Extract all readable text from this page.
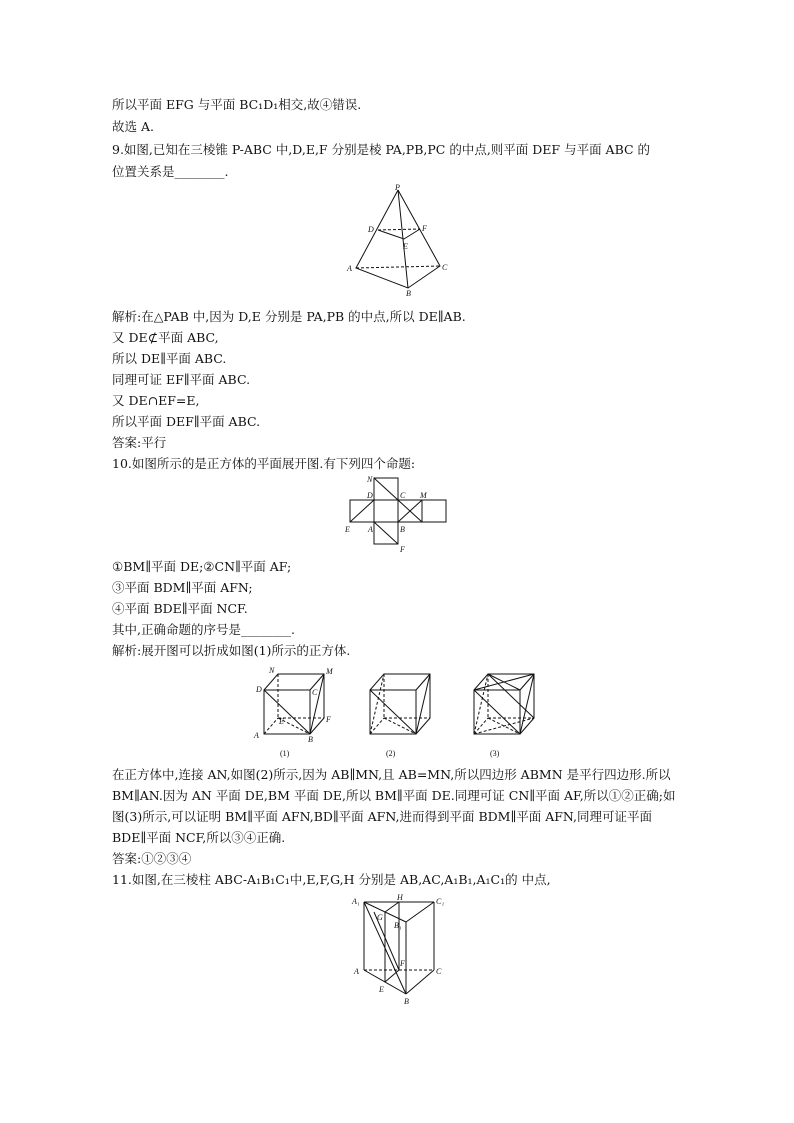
所以平面 EFG 与平面 BC₁D₁相交,故④错误.
故选 A.
9.如图,已知在三棱锥 P-ABC 中,D,E,F 分别是棱 PA,PB,PC 的中点,则平面 DEF 与平面 ABC 的
位置关系是________.
P
D	F
E
A	C
B
解析:在△PAB 中,因为 D,E 分别是 PA,PB 的中点,所以 DE∥AB.
又 DE⊄平面 ABC,
所以 DE∥平面 ABC.
同理可证 EF∥平面 ABC.
又 DE∩EF=E,
所以平面 DEF∥平面 ABC.
答案:平行
10.如图所示的是正方体的平面展开图.有下列四个命题:
N
D	C M
E A	B
F
①BM∥平面 DE;②CN∥平面 AF;
③平面 BDM∥平面 AFN;
④平面 BDE∥平面 NCF.
其中,正确命题的序号是________.
解析:展开图可以折成如图(1)所示的正方体.
N	M
D	C
E	F
A	B
(1)	(2)	(3)
在正方体中,连接 AN,如图(2)所示,因为 AB∥MN,且 AB=MN,所以四边形 ABMN 是平行四边形.所以 BM∥AN.因为 AN 平面 DE,BM 平面 DE,所以 BM∥平面 DE.同理可证 CN∥平面 AF,所以①②正确;如图(3)所示,可以证明 BM∥平面 AFN,BD∥平面 AFN,进而得到平面 BDM∥平面 AFN,同理可证平面 BDE∥平面 NCF,所以③④正确.
答案:①②③④
11.如图,在三棱柱 ABC-A₁B₁C₁中,E,F,G,H 分别是 AB,AC,A₁B₁,A₁C₁的 中点,
A₁	H	C₁
G
B₁
F
A	C
E
B
